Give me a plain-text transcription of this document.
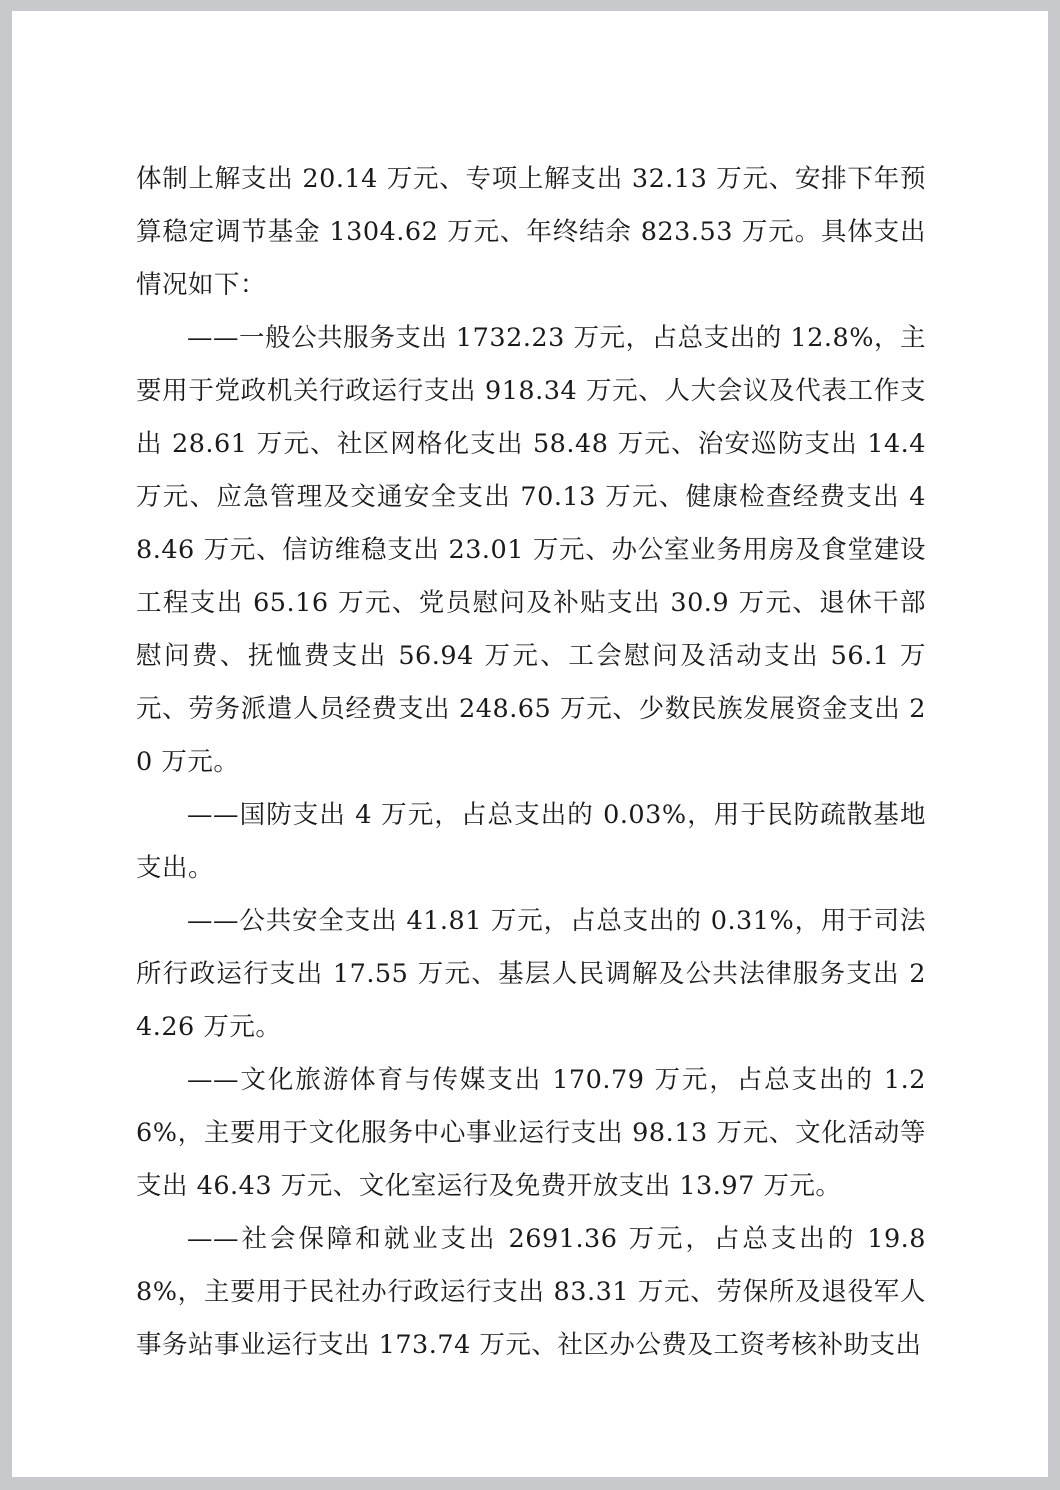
体制上解支出 20.14 万元、专项上解支出 32.13 万元、安排下年预算稳定调节基金 1304.62 万元、年终结余 823.53 万元。具体支出情况如下：

——一般公共服务支出 1732.23 万元，占总支出的 12.8%，主要用于党政机关行政运行支出 918.34 万元、人大会议及代表工作支出 28.61 万元、社区网格化支出 58.48 万元、治安巡防支出 14.4 万元、应急管理及交通安全支出 70.13 万元、健康检查经费支出 48.46 万元、信访维稳支出 23.01 万元、办公室业务用房及食堂建设工程支出 65.16 万元、党员慰问及补贴支出 30.9 万元、退休干部慰问费、抚恤费支出 56.94 万元、工会慰问及活动支出 56.1 万元、劳务派遣人员经费支出 248.65 万元、少数民族发展资金支出 20 万元。

——国防支出 4 万元，占总支出的 0.03%，用于民防疏散基地支出。

——公共安全支出 41.81 万元，占总支出的 0.31%，用于司法所行政运行支出 17.55 万元、基层人民调解及公共法律服务支出 24.26 万元。

——文化旅游体育与传媒支出 170.79 万元，占总支出的 1.26%，主要用于文化服务中心事业运行支出 98.13 万元、文化活动等支出 46.43 万元、文化室运行及免费开放支出 13.97 万元。

——社会保障和就业支出 2691.36 万元，占总支出的 19.88%，主要用于民社办行政运行支出 83.31 万元、劳保所及退役军人事务站事业运行支出 173.74 万元、社区办公费及工资考核补助支出
